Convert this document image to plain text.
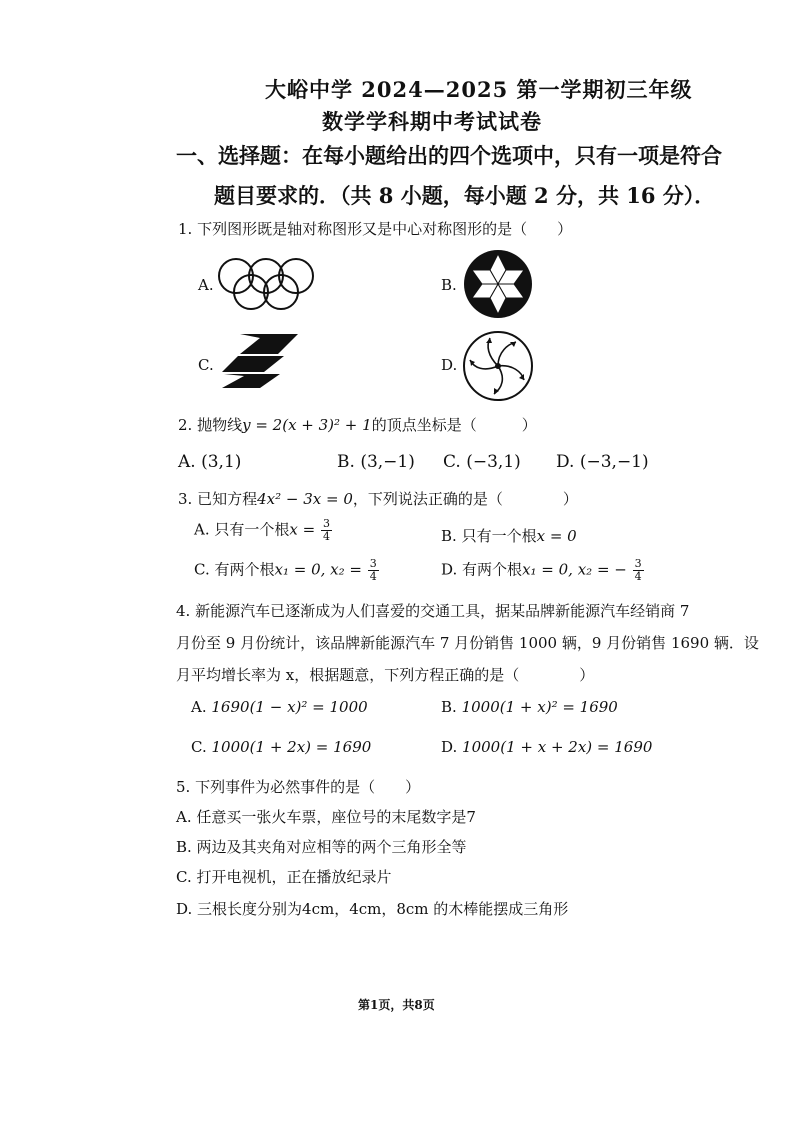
大峪中学 2024—2025 第一学期初三年级
数学学科期中考试试卷
一、选择题：在每小题给出的四个选项中，只有一项是符合
题目要求的．（共 8 小题，每小题 2 分，共 16 分）．
1. 下列图形既是轴对称图形又是中心对称图形的是（　　）
A.	B.
C.	D.
2. 抛物线y = 2(x + 3)² + 1的顶点坐标是（　　　）
A. (3,1)	B. (3,−1) C. (−3,1) D. (−3,−1)
3. 已知方程4x² − 3x = 0，下列说法正确的是（　　　　）
A. 只有一个根$x = \frac{3}{4}$	B. 只有一个根x = 0
C. 有两个根x₁ = 0, $x_2 = \frac{3}{4}$	D. 有两个根x₁ = 0, x₂ = − $\frac{3}{4}$
4. 新能源汽车已逐渐成为人们喜爱的交通工具，据某品牌新能源汽车经销商 7
月份至 9 月份统计，该品牌新能源汽车 7 月份销售 1000 辆，9 月份销售 1690 辆．设
月平均增长率为 x，根据题意，下列方程正确的是（　　　　）
A. 1690(1 − x)² = 1000	B. 1000(1 + x)² = 1690
C. 1000(1 + 2x) = 1690	D. 1000(1 + x + 2x) = 1690
5. 下列事件为必然事件的是（　　）
A. 任意买一张火车票，座位号的末尾数字是7
B. 两边及其夹角对应相等的两个三角形全等
C. 打开电视机，正在播放纪录片
D. 三根长度分别为4cm，4cm，8cm 的木棒能摆成三角形
第1页，共8页
